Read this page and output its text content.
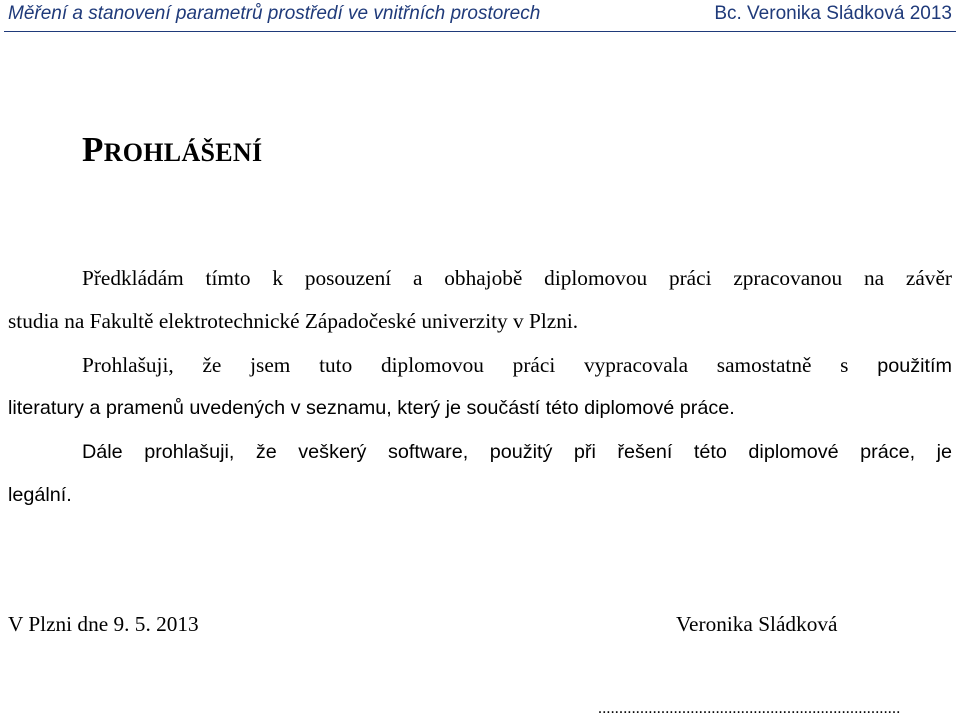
Měření a stanovení parametrů prostředí ve vnitřních prostorech	Bc. Veronika Sládková 2013
PROHLÁŠENÍ
Předkládám tímto k posouzení a obhajobě diplomovou práci zpracovanou na závěr
studia na Fakultě elektrotechnické Západočeské univerzity v Plzni.
Prohlašuji, že jsem tuto diplomovou práci vypracovala samostatně s použitím
literatury a pramenů uvedených v seznamu, který je součástí této diplomové práce.
Dále prohlašuji, že veškerý software, použitý při řešení této diplomové práce, je
legální.
V Plzni dne 9. 5. 2013	Veronika Sládková
........................................................................
